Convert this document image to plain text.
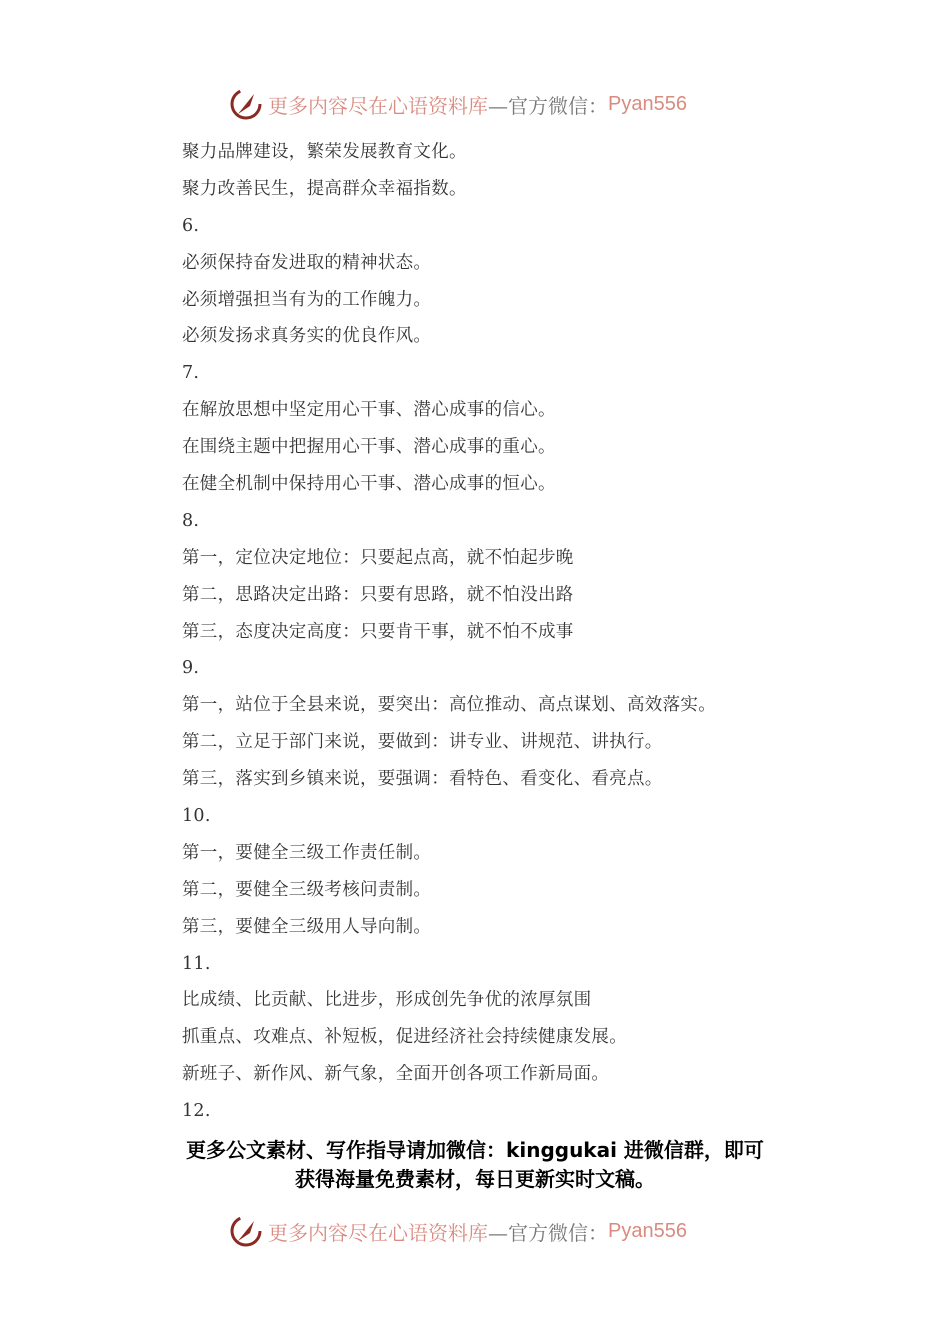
更多内容尽在心语资料库 —官方微信： Pyan556
聚力品牌建设，繁荣发展教育文化。
聚力改善民生，提高群众幸福指数。
6.
必须保持奋发进取的精神状态。
必须增强担当有为的工作魄力。
必须发扬求真务实的优良作风。
7.
在解放思想中坚定用心干事、潜心成事的信心。
在围绕主题中把握用心干事、潜心成事的重心。
在健全机制中保持用心干事、潜心成事的恒心。
8.
第一，定位决定地位：只要起点高，就不怕起步晚
第二，思路决定出路：只要有思路，就不怕没出路
第三，态度决定高度：只要肯干事，就不怕不成事
9.
第一，站位于全县来说，要突出：高位推动、高点谋划、高效落实。
第二，立足于部门来说，要做到：讲专业、讲规范、讲执行。
第三，落实到乡镇来说，要强调：看特色、看变化、看亮点。
10.
第一，要健全三级工作责任制。
第二，要健全三级考核问责制。
第三，要健全三级用人导向制。
11.
比成绩、比贡献、比进步，形成创先争优的浓厚氛围
抓重点、攻难点、补短板，促进经济社会持续健康发展。
新班子、新作风、新气象，全面开创各项工作新局面。
12.
更多公文素材、写作指导请加微信：kinggukai 进微信群，即可
获得海量免费素材，每日更新实时文稿。
更多内容尽在心语资料库 —官方微信： Pyan556
